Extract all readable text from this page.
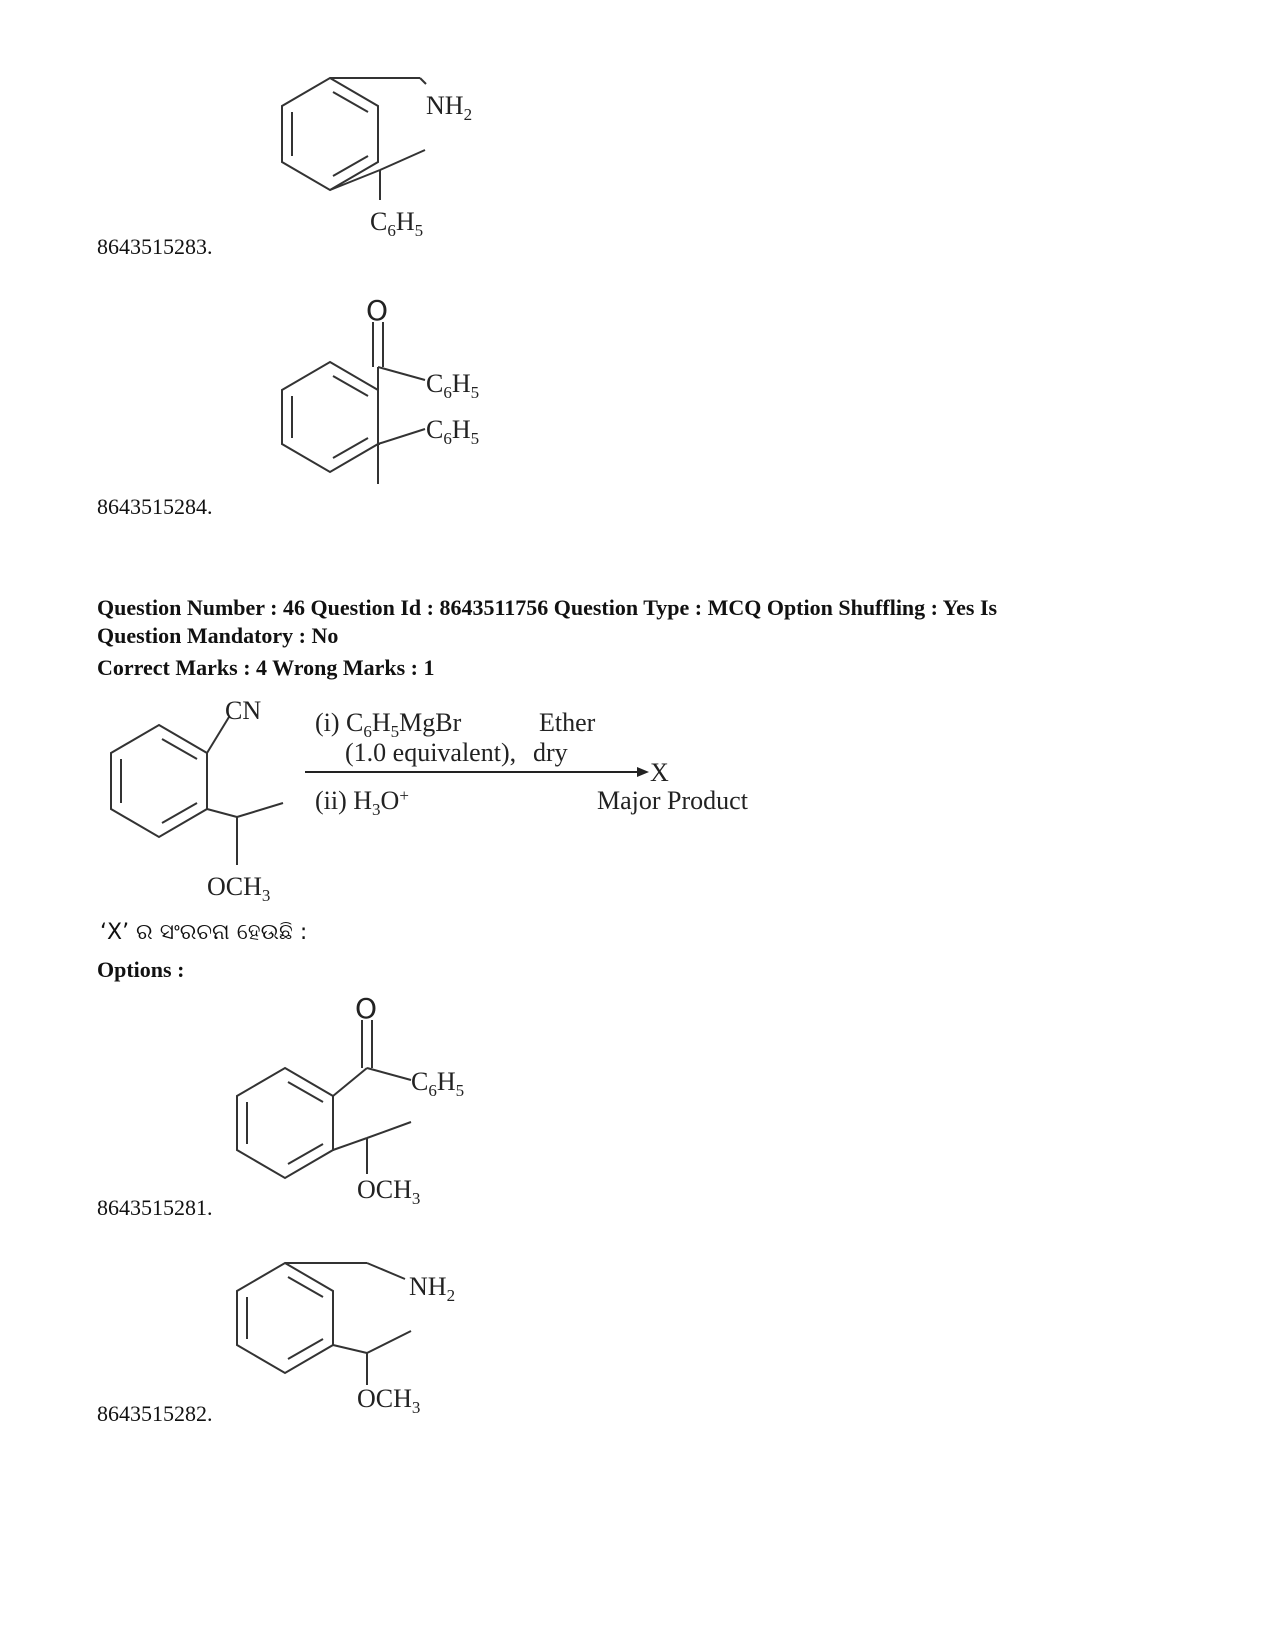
$NH_2$
$C_6H_5$
8643515283.
O
$C_6H_5$
$C_6H_5$
8643515284.
Question Number : 46 Question Id : 8643511756 Question Type : MCQ Option Shuffling : Yes Is
Question Mandatory : No
Correct Marks : 4 Wrong Marks : 1
CN
$OCH_3$
(i) $C_6H_5MgBr$	Ether
(1.0 equivalent), dry
X
(ii) $H_3O^+$	Major Product
‘X’ ର ସଂରଚନା ହେଉଛି :
Options :
O
$C_6H_5$
$OCH_3$
8643515281.
$NH_2$
$OCH_3$
8643515282.
